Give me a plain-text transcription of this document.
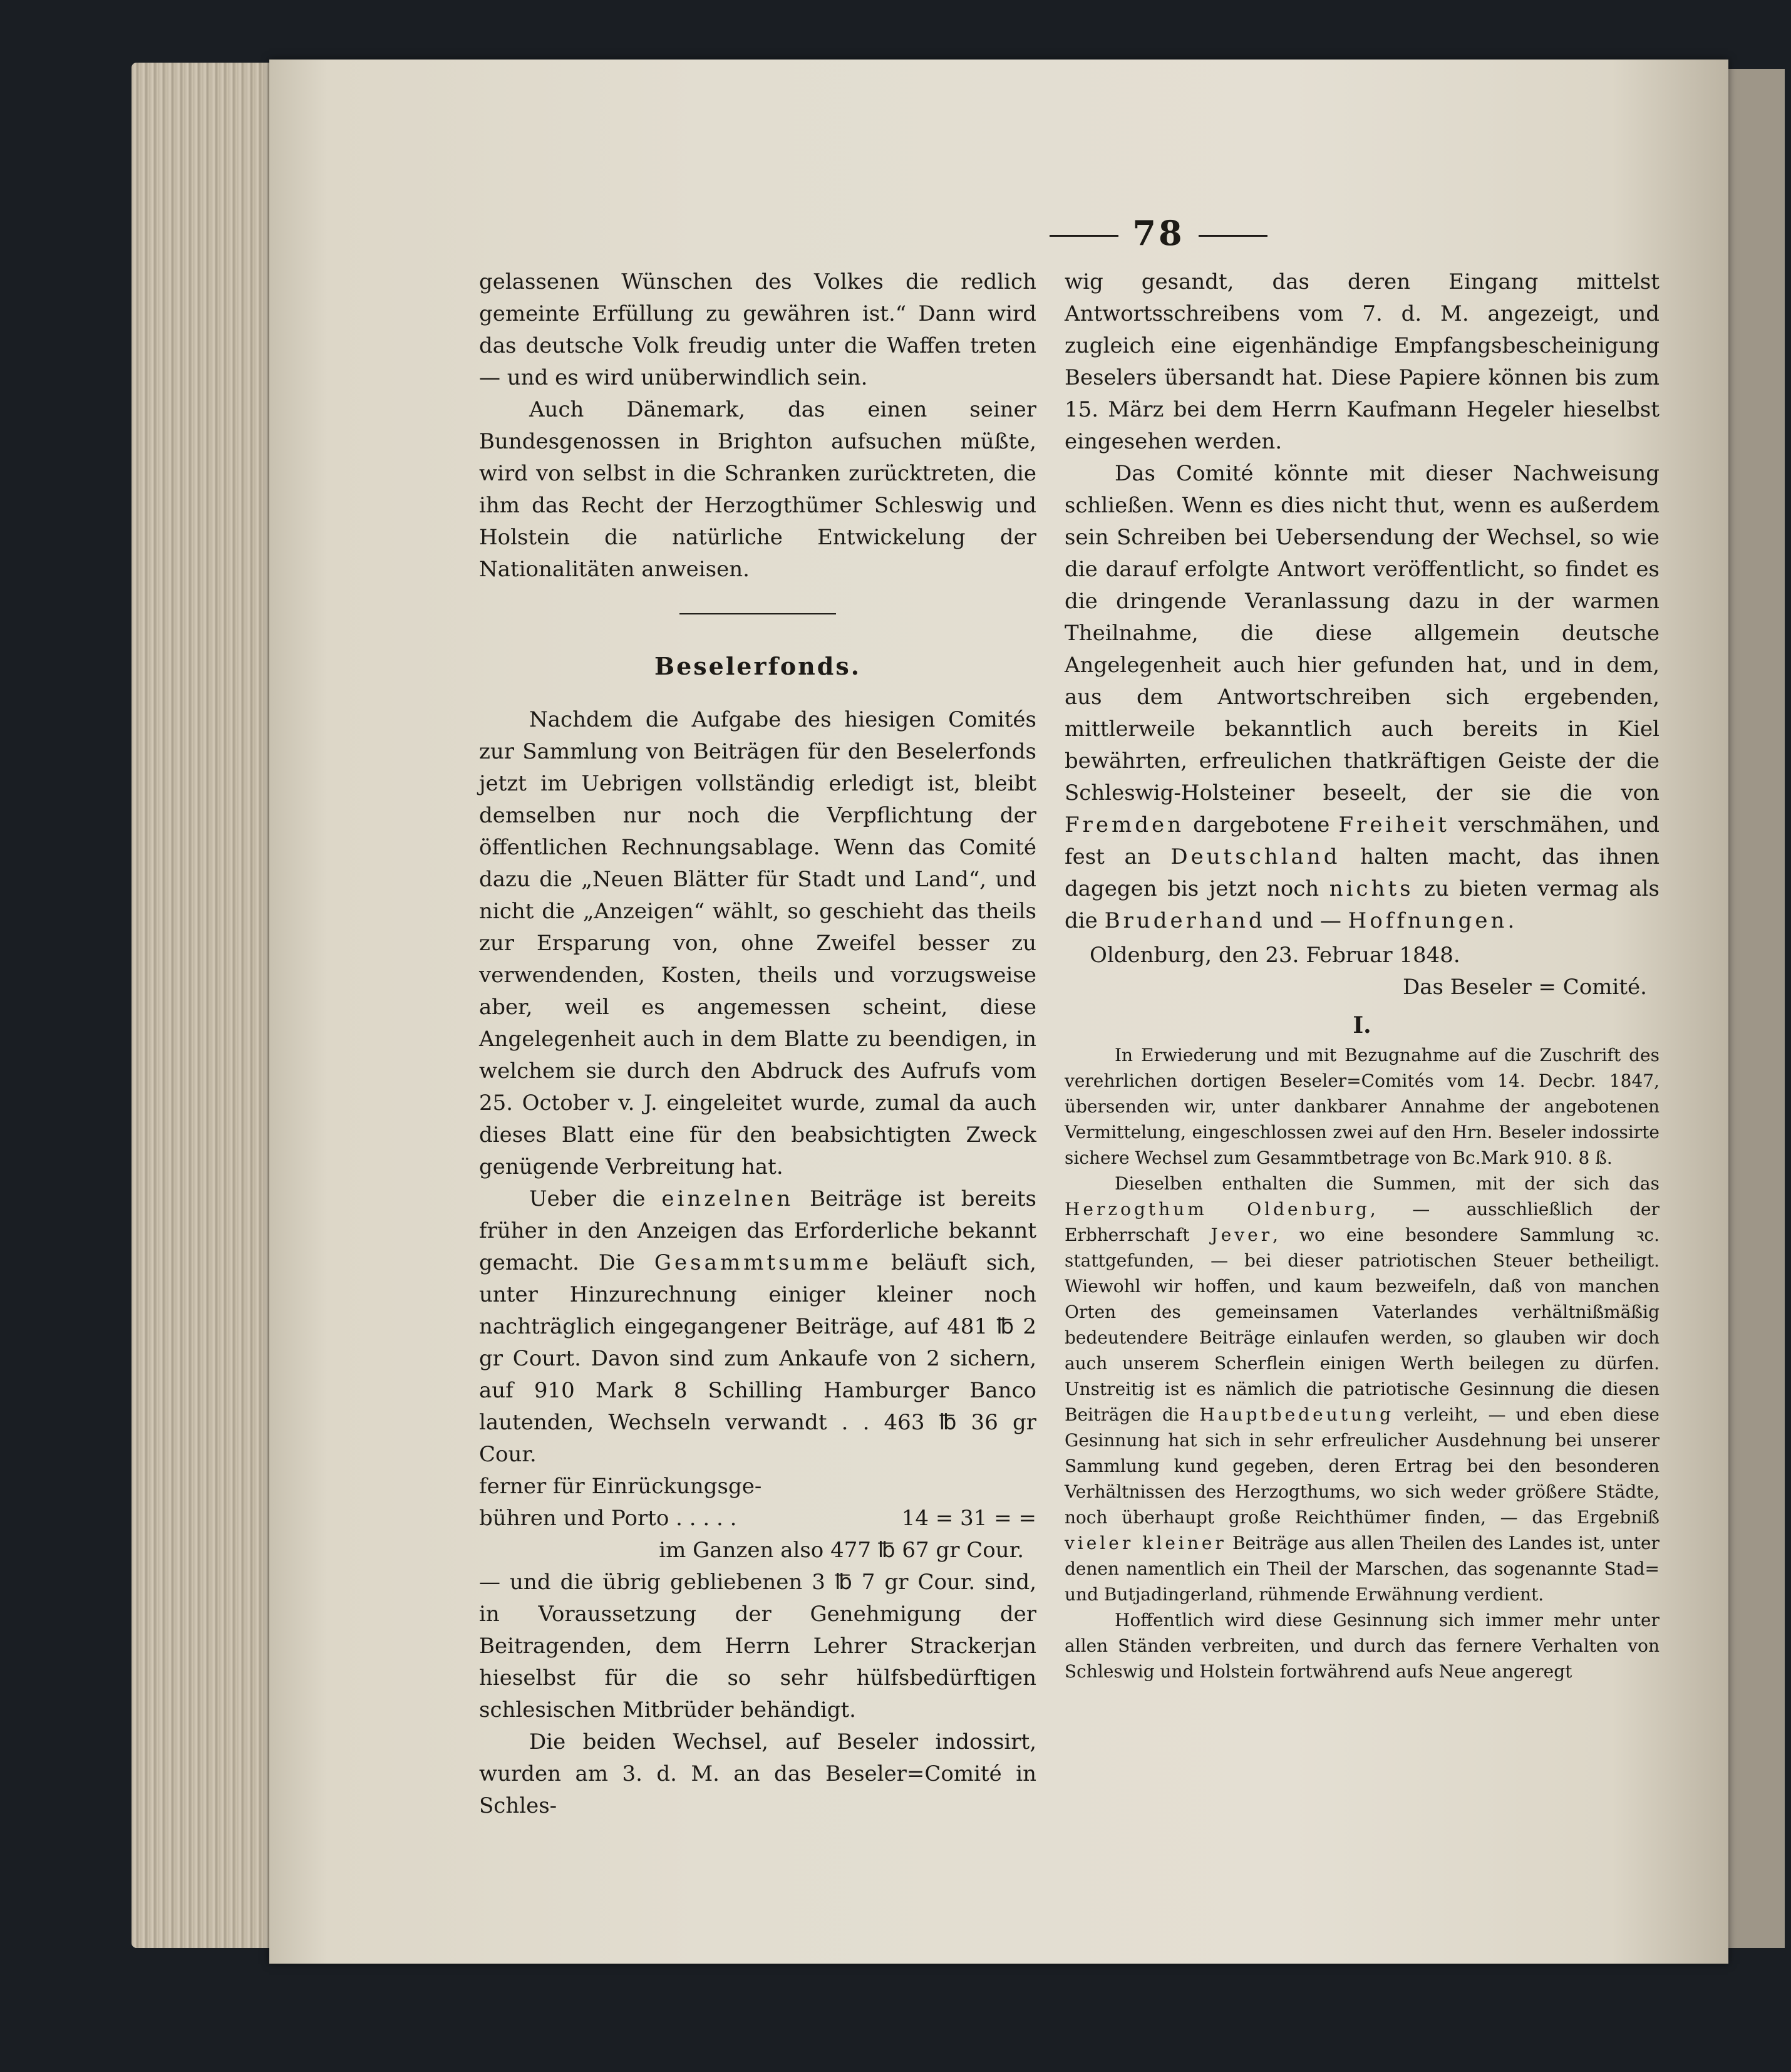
78

gelassenen Wünschen des Volkes die redlich gemeinte Erfüllung zu gewähren ist.“ Dann wird das deutsche Volk freudig unter die Waffen treten — und es wird unüberwindlich sein.

Auch Dänemark, das einen seiner Bundesgenossen in Brighton aufsuchen müßte, wird von selbst in die Schranken zurücktreten, die ihm das Recht der Herzogthümer Schleswig und Holstein die natürliche Entwickelung der Nationalitäten anweisen.

Beselerfonds.

Nachdem die Aufgabe des hiesigen Comités zur Sammlung von Beiträgen für den Beselerfonds jetzt im Uebrigen vollständig erledigt ist, bleibt demselben nur noch die Verpflichtung der öffentlichen Rechnungsablage. Wenn das Comité dazu die „Neuen Blätter für Stadt und Land“, und nicht die „Anzeigen“ wählt, so geschieht das theils zur Ersparung von, ohne Zweifel besser zu verwendenden, Kosten, theils und vorzugsweise aber, weil es angemessen scheint, diese Angelegenheit auch in dem Blatte zu beendigen, in welchem sie durch den Abdruck des Aufrufs vom 25. October v. J. eingeleitet wurde, zumal da auch dieses Blatt eine für den beabsichtigten Zweck genügende Verbreitung hat.

Ueber die einzelnen Beiträge ist bereits früher in den Anzeigen das Erforderliche bekannt gemacht. Die Gesammtsumme beläuft sich, unter Hinzurechnung einiger kleiner noch nachträglich eingegangener Beiträge, auf 481 ℔ 2 gr Court. Davon sind zum Ankaufe von 2 sichern, auf 910 Mark 8 Schilling Hamburger Banco lautenden, Wechseln verwandt . . 463 ℔ 36 gr Cour.

ferner für Einrückungsge-
bühren und Porto . . . . .	14 = 31 = =
im Ganzen also 477 ℔ 67 gr Cour.

— und die übrig gebliebenen 3 ℔ 7 gr Cour. sind, in Voraussetzung der Genehmigung der Beitragenden, dem Herrn Lehrer Strackerjan hieselbst für die so sehr hülfsbedürftigen schlesischen Mitbrüder behändigt.

Die beiden Wechsel, auf Beseler indossirt, wurden am 3. d. M. an das Beseler=Comité in Schles-

wig gesandt, das deren Eingang mittelst Antwortsschreibens vom 7. d. M. angezeigt, und zugleich eine eigenhändige Empfangsbescheinigung Beselers übersandt hat. Diese Papiere können bis zum 15. März bei dem Herrn Kaufmann Hegeler hieselbst eingesehen werden.

Das Comité könnte mit dieser Nachweisung schließen. Wenn es dies nicht thut, wenn es außerdem sein Schreiben bei Uebersendung der Wechsel, so wie die darauf erfolgte Antwort veröffentlicht, so findet es die dringende Veranlassung dazu in der warmen Theilnahme, die diese allgemein deutsche Angelegenheit auch hier gefunden hat, und in dem, aus dem Antwortschreiben sich ergebenden, mittlerweile bekanntlich auch bereits in Kiel bewährten, erfreulichen thatkräftigen Geiste der die Schleswig-Holsteiner beseelt, der sie die von Fremden dargebotene Freiheit verschmähen, und fest an Deutschland halten macht, das ihnen dagegen bis jetzt noch nichts zu bieten vermag als die Bruderhand und — Hoffnungen.

Oldenburg, den 23. Februar 1848.
Das Beseler = Comité.
I.

In Erwiederung und mit Bezugnahme auf die Zuschrift des verehrlichen dortigen Beseler=Comités vom 14. Decbr. 1847, übersenden wir, unter dankbarer Annahme der angebotenen Vermittelung, eingeschlossen zwei auf den Hrn. Beseler indossirte sichere Wechsel zum Gesammtbetrage von Bc.Mark 910. 8 ß.

Dieselben enthalten die Summen, mit der sich das Herzogthum Oldenburg, — ausschließlich der Erbherrschaft Jever, wo eine besondere Sammlung ꝛc. stattgefunden, — bei dieser patriotischen Steuer betheiligt. Wiewohl wir hoffen, und kaum bezweifeln, daß von manchen Orten des gemeinsamen Vaterlandes verhältnißmäßig bedeutendere Beiträge einlaufen werden, so glauben wir doch auch unserem Scherflein einigen Werth beilegen zu dürfen. Unstreitig ist es nämlich die patriotische Gesinnung die diesen Beiträgen die Hauptbedeutung verleiht, — und eben diese Gesinnung hat sich in sehr erfreulicher Ausdehnung bei unserer Sammlung kund gegeben, deren Ertrag bei den besonderen Verhältnissen des Herzogthums, wo sich weder größere Städte, noch überhaupt große Reichthümer finden, — das Ergebniß vieler kleiner Beiträge aus allen Theilen des Landes ist, unter denen namentlich ein Theil der Marschen, das sogenannte Stad= und Butjadingerland, rühmende Erwähnung verdient.

Hoffentlich wird diese Gesinnung sich immer mehr unter allen Ständen verbreiten, und durch das fernere Verhalten von Schleswig und Holstein fortwährend aufs Neue angeregt
